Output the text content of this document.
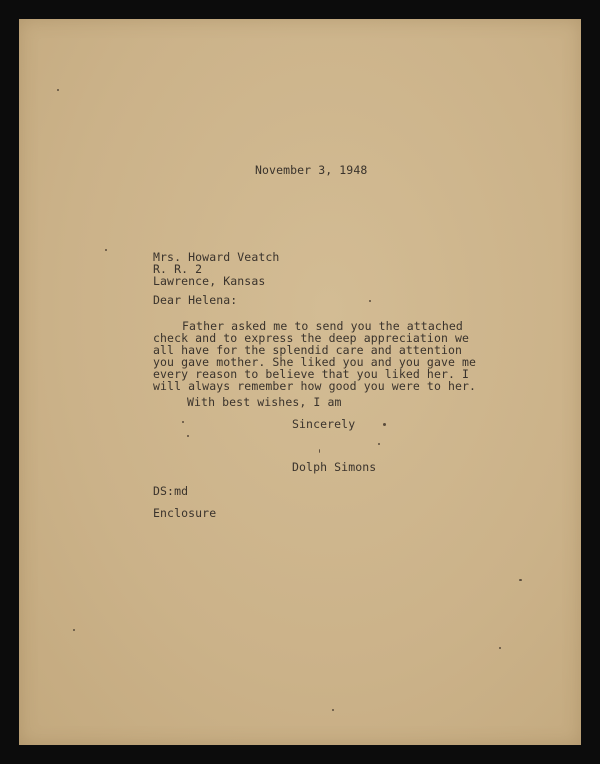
November 3, 1948
Mrs. Howard Veatch
R. R. 2
Lawrence, Kansas
Dear Helena:
Father asked me to send you the attached
check and to express the deep appreciation we
all have for the splendid care and attention
you gave mother. She liked you and you gave me
every reason to believe that you liked her. I
will always remember how good you were to her.
With best wishes, I am
Sincerely
Dolph Simons
DS:md
Enclosure
